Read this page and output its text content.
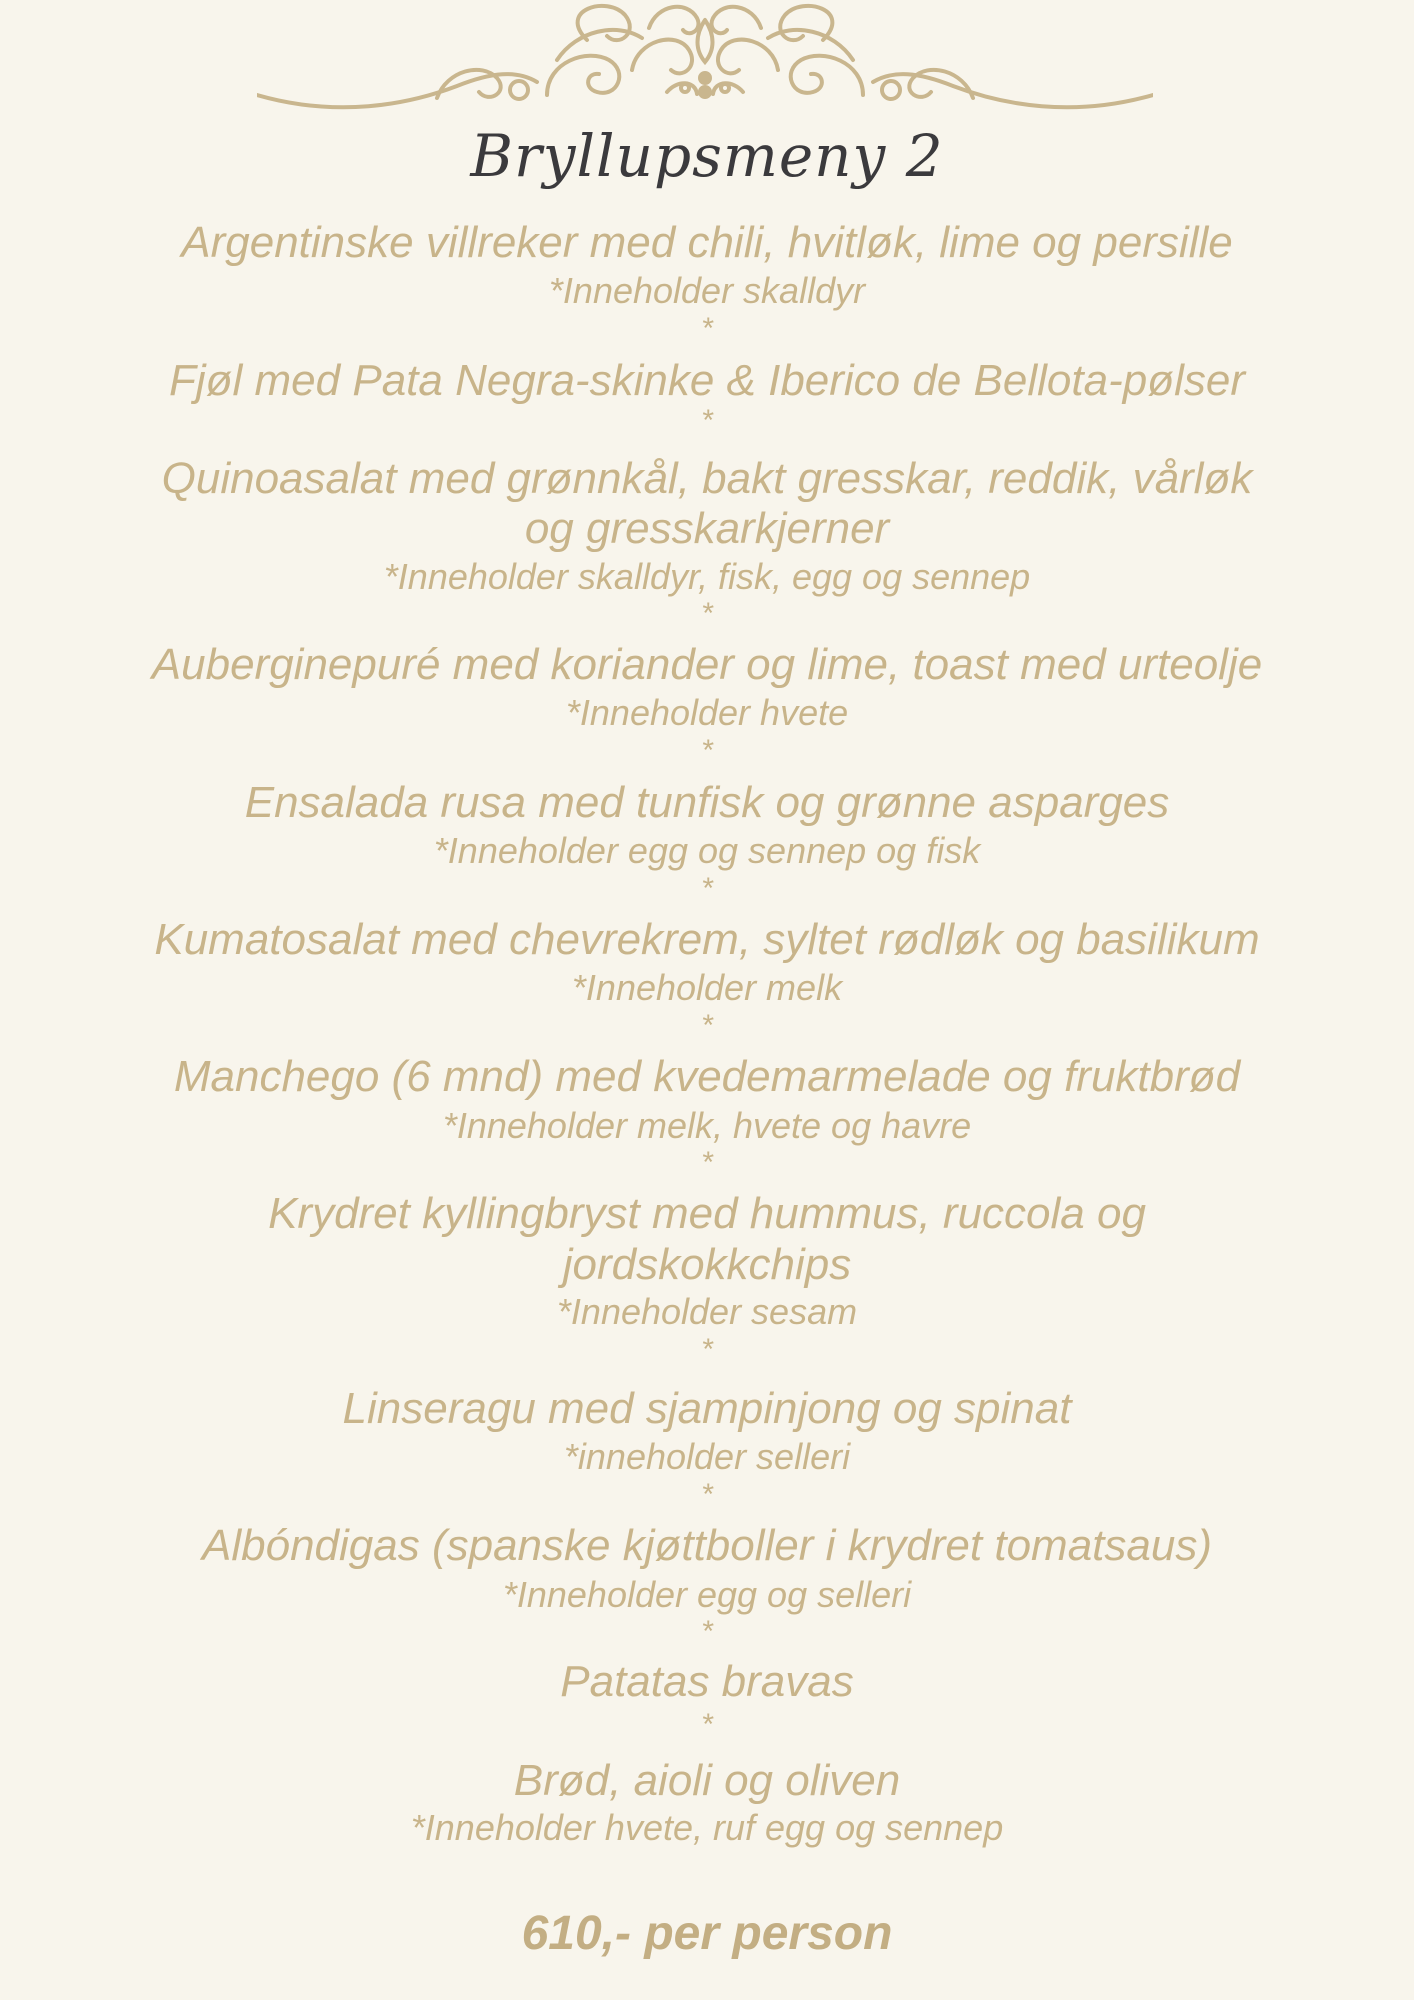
Bryllupsmeny 2
Argentinske villreker med chili, hvitløk, lime og persille
*Inneholder skalldyr
*
Fjøl med Pata Negra-skinke & Iberico de Bellota-pølser
*
Quinoasalat med grønnkål, bakt gresskar, reddik, vårløk
og gresskarkjerner
*Inneholder skalldyr, fisk, egg og sennep
*
Auberginepuré med koriander og lime, toast med urteolje
*Inneholder hvete
*
Ensalada rusa med tunfisk og grønne asparges
*Inneholder egg og sennep og fisk
*
Kumatosalat med chevrekrem, syltet rødløk og basilikum
*Inneholder melk
*
Manchego (6 mnd) med kvedemarmelade og fruktbrød
*Inneholder melk, hvete og havre
*
Krydret kyllingbryst med hummus, ruccola og
jordskokkchips
*Inneholder sesam
*
Linseragu med sjampinjong og spinat
*inneholder selleri
*
Albóndigas (spanske kjøttboller i krydret tomatsaus)
*Inneholder egg og selleri
*
Patatas bravas
*
Brød, aioli og oliven
*Inneholder hvete, ruf egg og sennep
610,- per person
